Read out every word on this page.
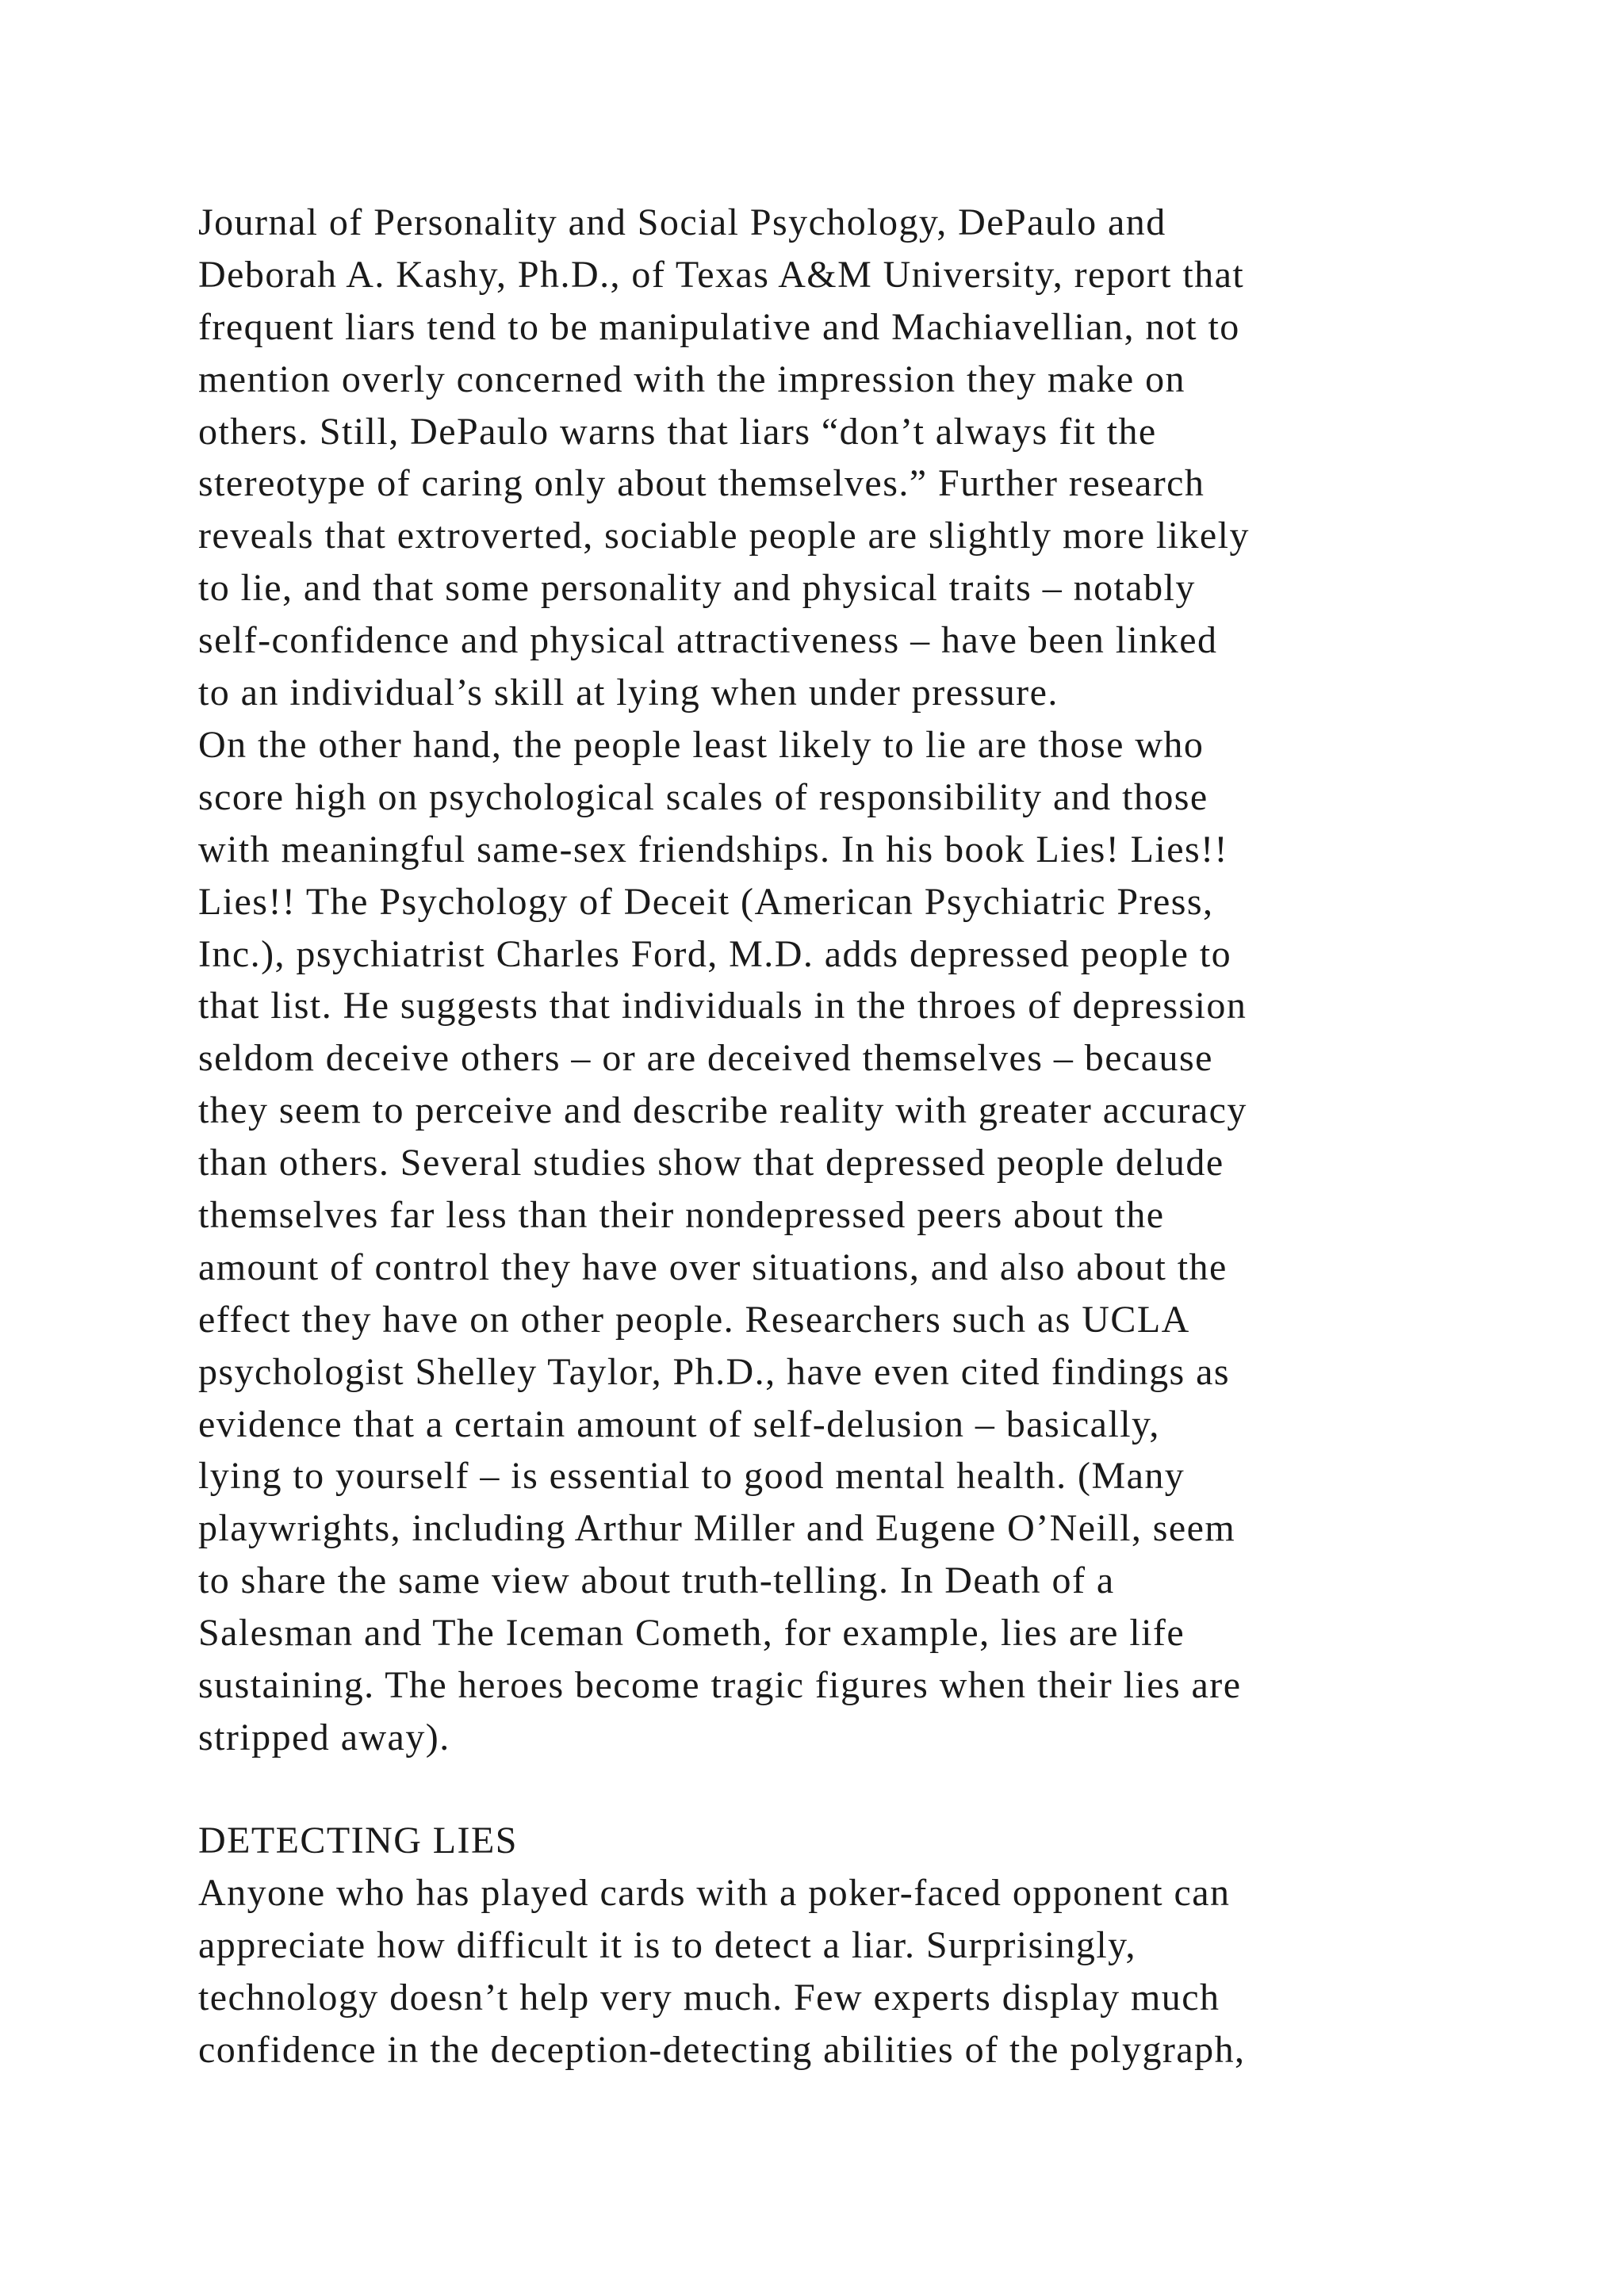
Journal of Personality and Social Psychology, DePaulo and
Deborah A. Kashy, Ph.D., of Texas A&M University, report that
frequent liars tend to be manipulative and Machiavellian, not to
mention overly concerned with the impression they make on
others. Still, DePaulo warns that liars “don’t always fit the
stereotype of caring only about themselves.” Further research
reveals that extroverted, sociable people are slightly more likely
to lie, and that some personality and physical traits – notably
self-confidence and physical attractiveness – have been linked
to an individual’s skill at lying when under pressure.
On the other hand, the people least likely to lie are those who
score high on psychological scales of responsibility and those
with meaningful same-sex friendships. In his book Lies! Lies!!
Lies!! The Psychology of Deceit (American Psychiatric Press,
Inc.), psychiatrist Charles Ford, M.D. adds depressed people to
that list. He suggests that individuals in the throes of depression
seldom deceive others – or are deceived themselves – because
they seem to perceive and describe reality with greater accuracy
than others. Several studies show that depressed people delude
themselves far less than their nondepressed peers about the
amount of control they have over situations, and also about the
effect they have on other people. Researchers such as UCLA
psychologist Shelley Taylor, Ph.D., have even cited findings as
evidence that a certain amount of self-delusion – basically,
lying to yourself – is essential to good mental health. (Many
playwrights, including Arthur Miller and Eugene O’Neill, seem
to share the same view about truth-telling. In Death of a
Salesman and The Iceman Cometh, for example, lies are life
sustaining. The heroes become tragic figures when their lies are
stripped away).
DETECTING LIES
Anyone who has played cards with a poker-faced opponent can
appreciate how difficult it is to detect a liar. Surprisingly,
technology doesn’t help very much. Few experts display much
confidence in the deception-detecting abilities of the polygraph,
